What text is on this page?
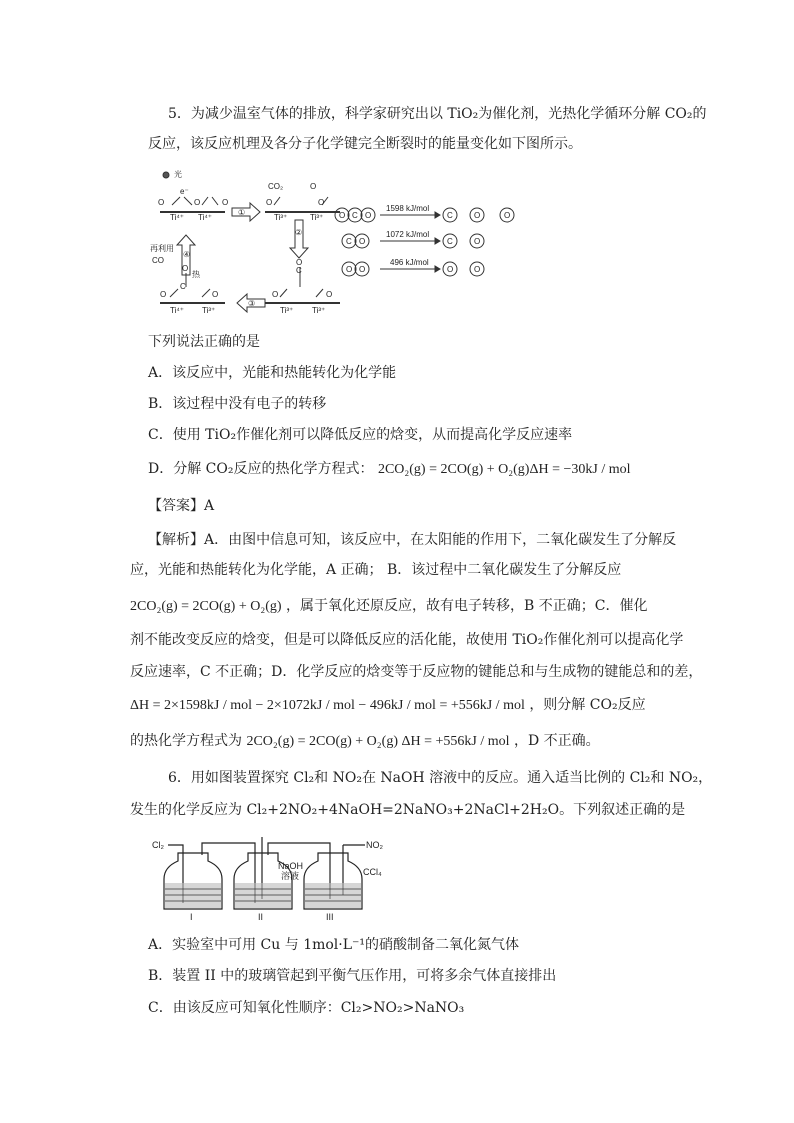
5．为减少温室气体的排放，科学家研究出以 TiO₂为催化剂，光热化学循环分解 CO₂的
反应，该反应机理及各分子化学键完全断裂时的能量变化如下图所示。
光
e⁻
O	O	O
Ti⁴⁺ Ti⁴⁺
CO₂	O
O	O
Ti³⁺	Ti³⁺
①
②
③
④
O
C
再利用
CO
O
热
C
O	O	O	O
Ti⁴⁺ Ti³⁺	Ti³⁺ Ti³⁺
O C O	C	O	O
C O	C	O
O O	O	O
1598 kJ/mol
1072 kJ/mol
496 kJ/mol
下列说法正确的是
A．该反应中，光能和热能转化为化学能
B．该过程中没有电子的转移
C．使用 TiO₂作催化剂可以降低反应的焓变，从而提高化学反应速率
D．分解 CO₂反应的热化学方程式： 2CO₂(g) = 2CO(g) + O₂(g)ΔH = −30kJ / mol
【答案】A
【解析】A．由图中信息可知，该反应中，在太阳能的作用下，二氧化碳发生了分解反
应，光能和热能转化为化学能，A 正确； B．该过程中二氧化碳发生了分解反应
2CO₂(g) = 2CO(g) + O₂(g) ，属于氧化还原反应，故有电子转移，B 不正确；C．催化
剂不能改变反应的焓变，但是可以降低反应的活化能，故使用 TiO₂作催化剂可以提高化学
反应速率，C 不正确；D．化学反应的焓变等于反应物的键能总和与生成物的键能总和的差，
ΔH = 2×1598kJ / mol − 2×1072kJ / mol − 496kJ / mol = +556kJ / mol ，则分解 CO₂反应
的热化学方程式为 2CO₂(g) = 2CO(g) + O₂(g) ΔH = +556kJ / mol ，D 不正确。
6．用如图装置探究 Cl₂和 NO₂在 NaOH 溶液中的反应。通入适当比例的 Cl₂和 NO₂，
发生的化学反应为 Cl₂+2NO₂+4NaOH=2NaNO₃+2NaCl+2H₂O。下列叙述正确的是
Cl₂	NO₂
NaOH
溶液	CCl₄
I	II	III
A．实验室中可用 Cu 与 1mol·L⁻¹的硝酸制备二氧化氮气体
B．装置 II 中的玻璃管起到平衡气压作用，可将多余气体直接排出
C．由该反应可知氧化性顺序：Cl₂>NO₂>NaNO₃
